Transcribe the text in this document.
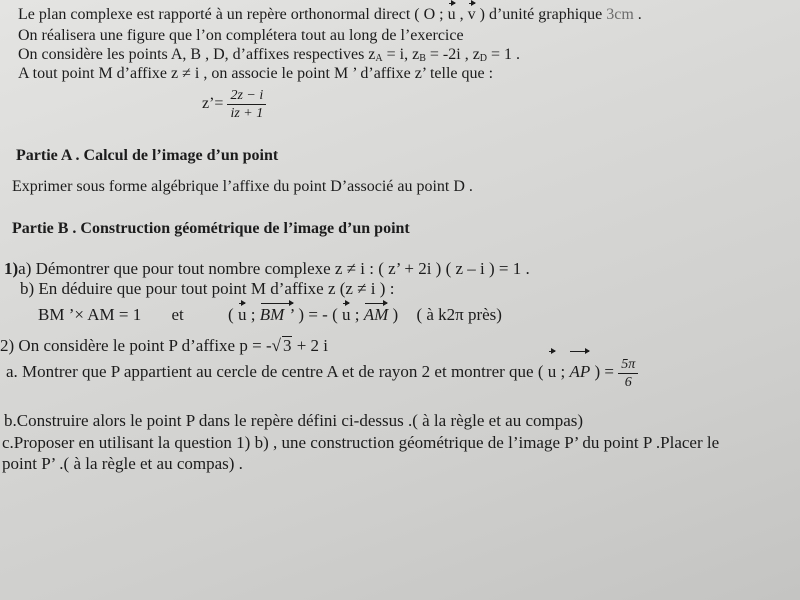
Le plan complexe est rapporté à un repère orthonormal direct ( O ; u , v ) d’unité graphique 3cm .
On réalisera une figure que l’on complétera tout au long de l’exercice
On considère les points A, B , D, d’affixes respectives $z_A = i$, $z_B = -2i$ , $z_D = 1$ .
A tout point M d’affixe z ≠ i , on associe le point M ’ d’affixe z’ telle que :
z’= $\frac{2z - i}{iz + 1}$
Partie A . Calcul de l’image d’un point
Exprimer sous forme algébrique l’affixe du point D’associé au point D .
Partie B . Construction géométrique de l’image d’un point
1)a) Démontrer que pour tout nombre complexe z ≠ i : ( z’ + 2i ) ( z – i ) = 1 .
b) En déduire que pour tout point M d’affixe z (z ≠ i ) :
BM ’× AM = 1 et	( u ; BM ’ ) = - ( u ; AM ) ( à k2π près)
2) On considère le point P d’affixe p = -√ 3 + 2 i
a. Montrer que P appartient au cercle de centre A et de rayon 2 et montrer que ( u ; AP ) = $\frac{5\pi}{6}$
b.Construire alors le point P dans le repère défini ci-dessus .( à la règle et au compas)
c.Proposer en utilisant la question 1) b) , une construction géométrique de l’image P’ du point P .Placer le
point P’ .( à la règle et au compas) .
